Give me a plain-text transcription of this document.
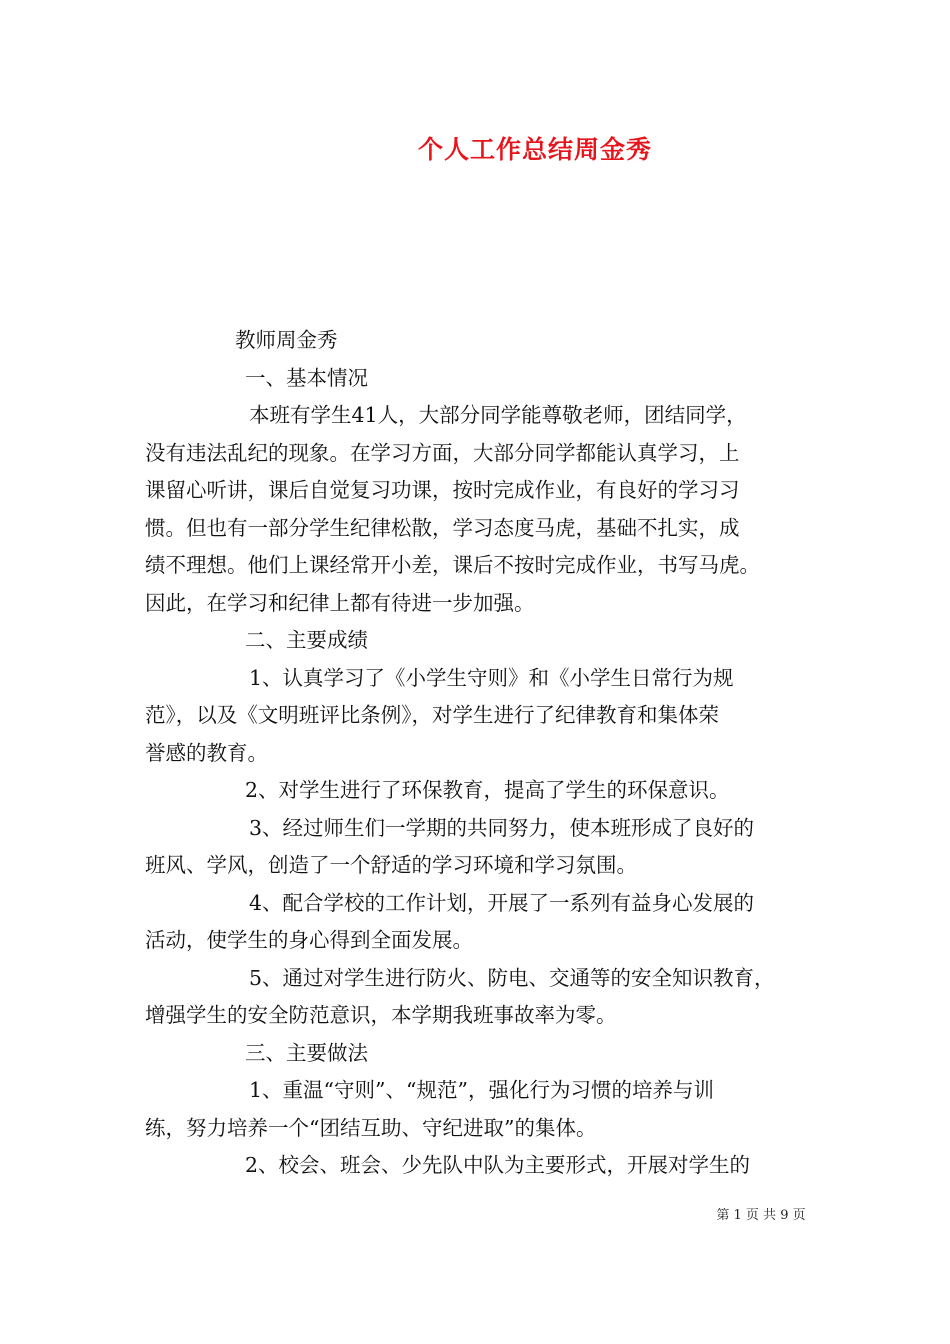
个人工作总结周金秀
教师周金秀
一、基本情况
本班有学生41人，大部分同学能尊敬老师，团结同学，
没有违法乱纪的现象。在学习方面，大部分同学都能认真学习，上
课留心听讲，课后自觉复习功课，按时完成作业，有良好的学习习
惯。但也有一部分学生纪律松散，学习态度马虎，基础不扎实，成
绩不理想。他们上课经常开小差，课后不按时完成作业，书写马虎。
因此，在学习和纪律上都有待进一步加强。
二、主要成绩
1、认真学习了《小学生守则》和《小学生日常行为规
范》，以及《文明班评比条例》，对学生进行了纪律教育和集体荣
誉感的教育。
2、对学生进行了环保教育，提高了学生的环保意识。
3、经过师生们一学期的共同努力，使本班形成了良好的
班风、学风，创造了一个舒适的学习环境和学习氛围。
4、配合学校的工作计划，开展了一系列有益身心发展的
活动，使学生的身心得到全面发展。
5、通过对学生进行防火、防电、交通等的安全知识教育，
增强学生的安全防范意识，本学期我班事故率为零。
三、主要做法
1、重温“守则”、“规范”，强化行为习惯的培养与训
练，努力培养一个“团结互助、守纪进取”的集体。
2、校会、班会、少先队中队为主要形式，开展对学生的
第 1 页 共 9 页
